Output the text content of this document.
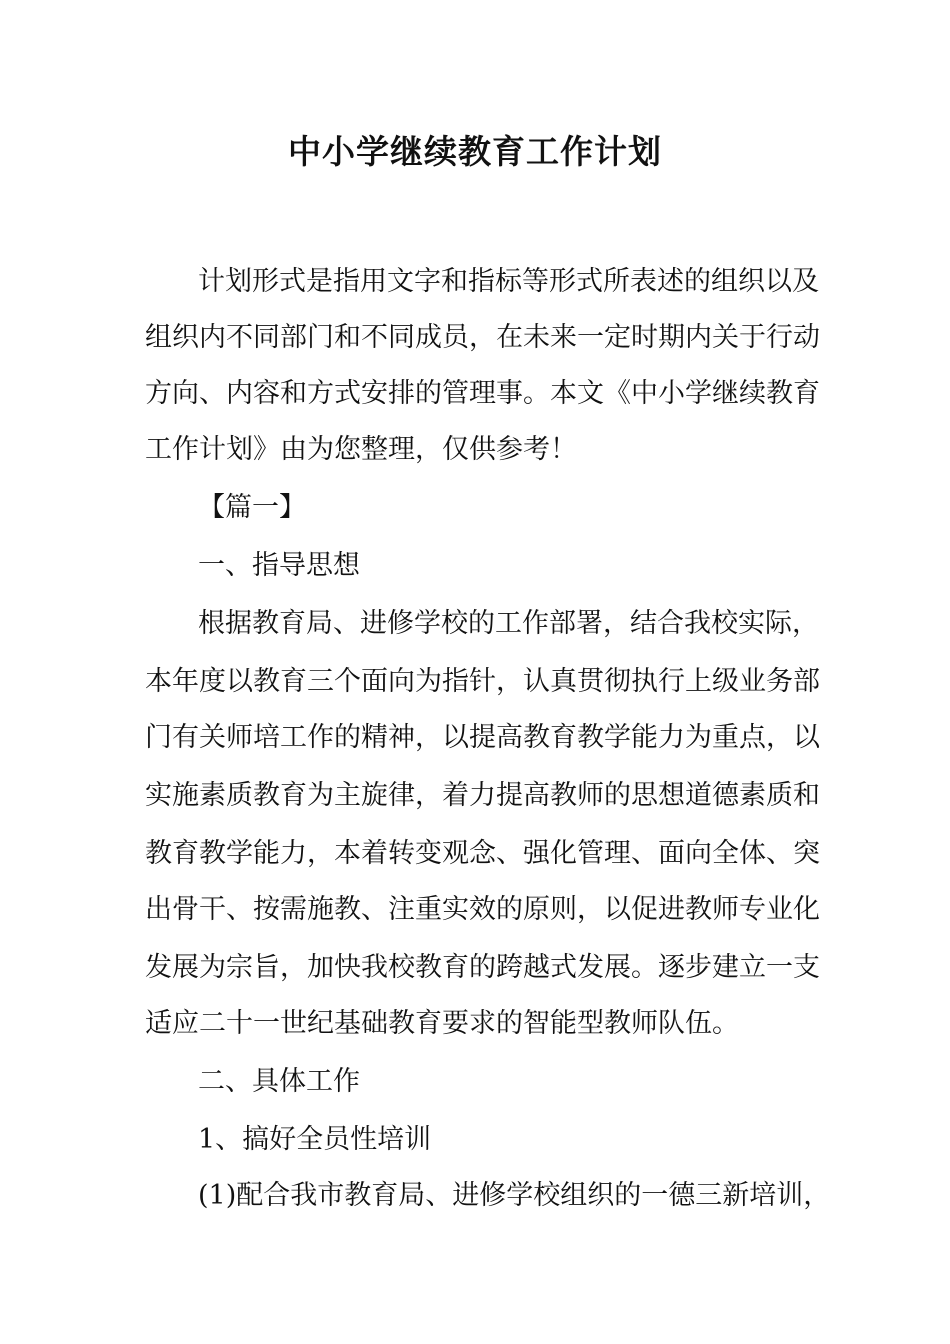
中小学继续教育工作计划
计划形式是指用文字和指标等形式所表述的组织以及
组织内不同部门和不同成员，在未来一定时期内关于行动
方向、内容和方式安排的管理事。本文《中小学继续教育
工作计划》由为您整理，仅供参考！
【篇一】
一、指导思想
根据教育局、进修学校的工作部署，结合我校实际，
本年度以教育三个面向为指针，认真贯彻执行上级业务部
门有关师培工作的精神，以提高教育教学能力为重点，以
实施素质教育为主旋律，着力提高教师的思想道德素质和
教育教学能力，本着转变观念、强化管理、面向全体、突
出骨干、按需施教、注重实效的原则，以促进教师专业化
发展为宗旨，加快我校教育的跨越式发展。逐步建立一支
适应二十一世纪基础教育要求的智能型教师队伍。
二、具体工作
1、搞好全员性培训
(1)配合我市教育局、进修学校组织的一德三新培训，
